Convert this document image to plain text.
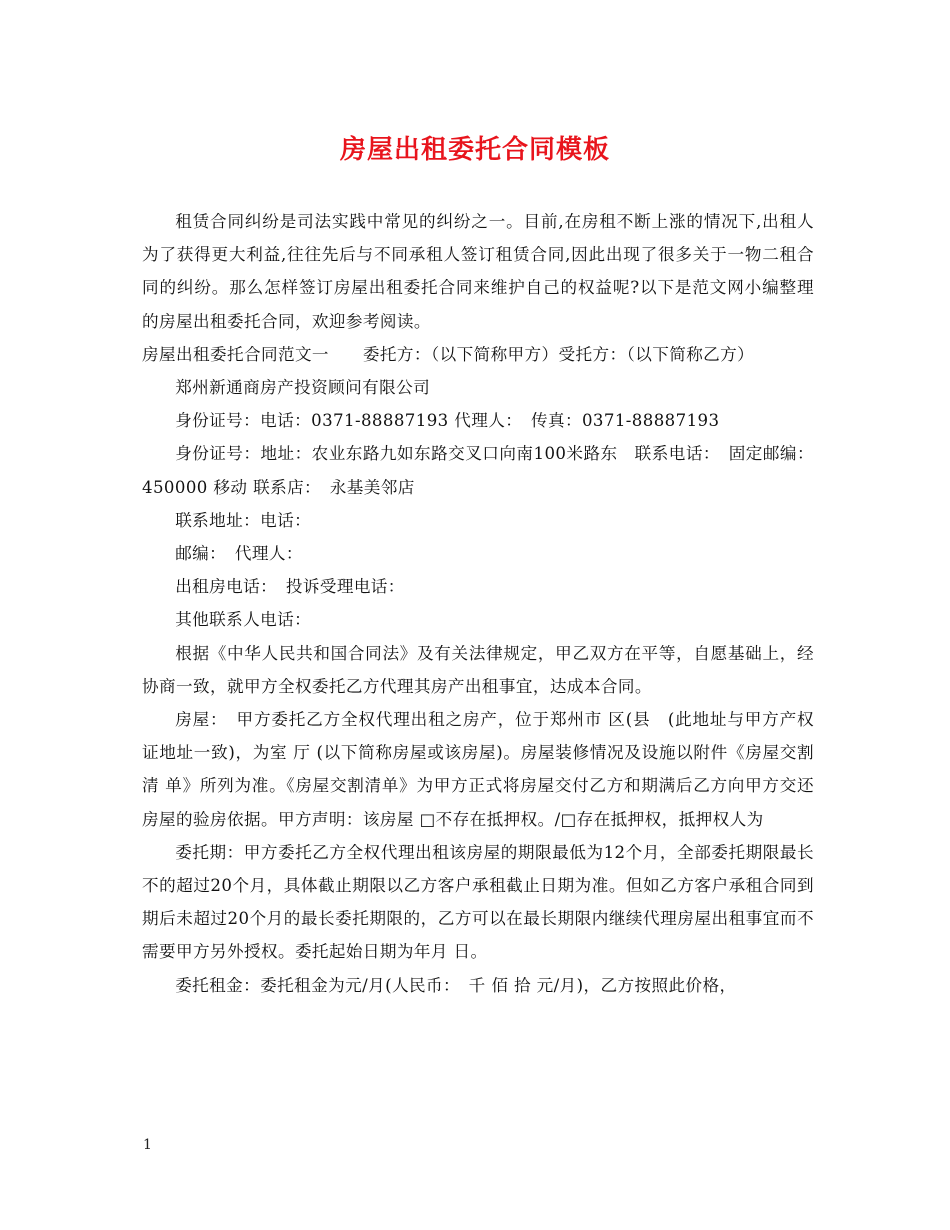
房屋出租委托合同模板

租赁合同纠纷是司法实践中常见的纠纷之一。目前,在房租不断上涨的情况下,出租人为了获得更大利益,往往先后与不同承租人签订租赁合同,因此出现了很多关于一物二租合同的纠纷。那么怎样签订房屋出租委托合同来维护自己的权益呢?以下是范文网小编整理的房屋出租委托合同，欢迎参考阅读。

房屋出租委托合同范文一　　委托方：（以下简称甲方）受托方：（以下简称乙方）

郑州新通商房产投资顾问有限公司

身份证号：电话：0371-88887193 代理人：　传真：0371-88887193

身份证号：地址：农业东路九如东路交叉口向南100米路东　联系电话：　固定邮编：450000 移动 联系店：　永基美邻店

联系地址：电话：

邮编：　代理人：

出租房电话：　投诉受理电话：

其他联系人电话：

根据《中华人民共和国合同法》及有关法律规定，甲乙双方在平等，自愿基础上，经协商一致，就甲方全权委托乙方代理其房产出租事宜，达成本合同。

房屋：　甲方委托乙方全权代理出租之房产，位于郑州市 区(县　(此地址与甲方产权证地址一致)，为室 厅 (以下简称房屋或该房屋)。房屋装修情况及设施以附件《房屋交割清 单》所列为准。《房屋交割清单》为甲方正式将房屋交付乙方和期满后乙方向甲方交还房屋的验房依据。甲方声明：该房屋 □不存在抵押权。/□存在抵押权，抵押权人为

委托期：甲方委托乙方全权代理出租该房屋的期限最低为12个月，全部委托期限最长不的超过20个月，具体截止期限以乙方客户承租截止日期为准。但如乙方客户承租合同到期后未超过20个月的最长委托期限的，乙方可以在最长期限内继续代理房屋出租事宜而不需要甲方另外授权。委托起始日期为年月 日。

委托租金：委托租金为元/月(人民币：　千 佰 拾 元/月)，乙方按照此价格，

1
